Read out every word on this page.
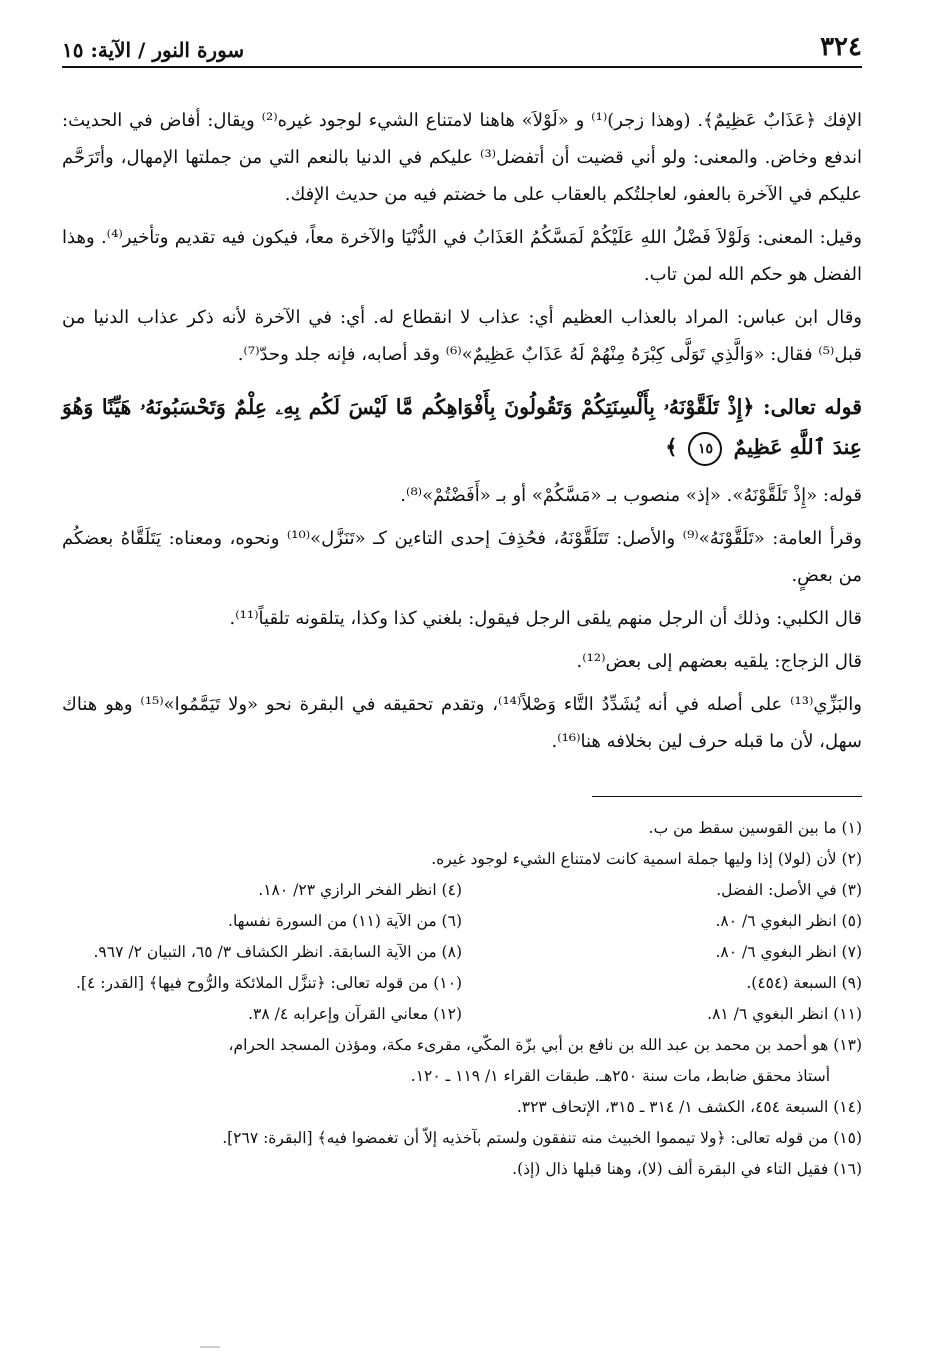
٣٢٤
سورة النور / الآية: ١٥

الإفك ﴿عَذَابٌ عَظِيمٌ﴾. (وهذا زجر)⁽¹⁾ و «لَوْلاَ» هاهنا لامتناع الشيء لوجود غيره⁽²⁾ ويقال: أفاض في الحديث: اندفع وخاض. والمعنى: ولو أني قضيت أن أتفضل⁽³⁾ عليكم في الدنيا بالنعم التي من جملتها الإمهال، وأتَرَحَّم عليكم في الآخرة بالعفو، لعاجلتُكم بالعقاب على ما خضتم فيه من حديث الإفك.

وقيل: المعنى: وَلَوْلاَ فَضْلُ اللهِ عَلَيْكُمْ لَمَسَّكُمُ العَذَابُ في الدُّنْيَا والآخرة معاً، فيكون فيه تقديم وتأخير⁽⁴⁾. وهذا الفضل هو حكم الله لمن تاب.

وقال ابن عباس: المراد بالعذاب العظيم أي: عذاب لا انقطاع له. أي: في الآخرة لأنه ذكر عذاب الدنيا من قبل⁽⁵⁾ فقال: «وَالَّذِي تَوَلَّى كِبْرَهُ مِنْهُمْ لَهُ عَذَابٌ عَظِيمٌ»⁽⁶⁾ وقد أصابه، فإنه جلد وحدّ⁽⁷⁾.

قوله تعالى: ﴿إِذْ تَلَقَّوْنَهُۥ بِأَلْسِنَتِكُمْ وَتَقُولُونَ بِأَفْوَاهِكُم مَّا لَيْسَ لَكُم بِهِۦ عِلْمٌ وَتَحْسَبُونَهُۥ هَيِّنًا وَهُوَ عِندَ ٱللَّهِ عَظِيمٌ ١٥ ﴾

قوله: «إِذْ تَلَقَّوْنَهُ». «إذ» منصوب بـ «مَسَّكُمْ» أو بـ «أَفَضْتُمْ»⁽⁸⁾.

وقرأ العامة: «تَلَقَّوْنَهُ»⁽⁹⁾ والأصل: تَتَلَقَّوْنَهُ، فحُذِفَ إحدى التاءين كـ «تَنَزَّل»⁽¹⁰⁾ ونحوه، ومعناه: يَتَلَقَّاهُ بعضكُم من بعضٍ.

قال الكلبي: وذلك أن الرجل منهم يلقى الرجل فيقول: بلغني كذا وكذا، يتلقونه تلقياً⁽¹¹⁾.

قال الزجاج: يلقيه بعضهم إلى بعض⁽¹²⁾.

والبَزِّي⁽¹³⁾ على أصله في أنه يُشَدِّدُ التَّاء وَصْلاً⁽¹⁴⁾، وتقدم تحقيقه في البقرة نحو «ولا تَيَمَّمُوا»⁽¹⁵⁾ وهو هناك سهل، لأن ما قبله حرف لين بخلافه هنا⁽¹⁶⁾.

(١) ما بين القوسين سقط من ب.
(٢) لأن (لولا) إذا وليها جملة اسمية كانت لامتناع الشيء لوجود غيره.
(٣) في الأصل: الفضل.
(٤) انظر الفخر الرازي ٢٣/ ١٨٠.
(٥) انظر البغوي ٦/ ٨٠.
(٦) من الآية (١١) من السورة نفسها.
(٧) انظر البغوي ٦/ ٨٠.
(٨) من الآية السابقة. انظر الكشاف ٣/ ٦٥، التبيان ٢/ ٩٦٧.
(٩) السبعة (٤٥٤).
(١٠) من قوله تعالى: ﴿تنزَّل الملائكة والرُّوح فيها﴾ [القدر: ٤].
(١١) انظر البغوي ٦/ ٨١.
(١٢) معاني القرآن وإعرابه ٤/ ٣٨.
(١٣) هو أحمد بن محمد بن عبد الله بن نافع بن أبي بزّة المكّي، مقرىء مكة، ومؤذن المسجد الحرام،
أستاذ محقق ضابط، مات سنة ٢٥٠هـ. طبقات القراء ١/ ١١٩ ـ ١٢٠.
(١٤) السبعة ٤٥٤، الكشف ١/ ٣١٤ ـ ٣١٥، الإتحاف ٣٢٣.
(١٥) من قوله تعالى: ﴿ولا تيمموا الخبيث منه تنفقون ولستم بآخذيه إلاّ أن تغمضوا فيه﴾ [البقرة: ٢٦٧].
(١٦) فقيل التاء في البقرة ألف (لا)، وهنا قبلها ذال (إذ).
